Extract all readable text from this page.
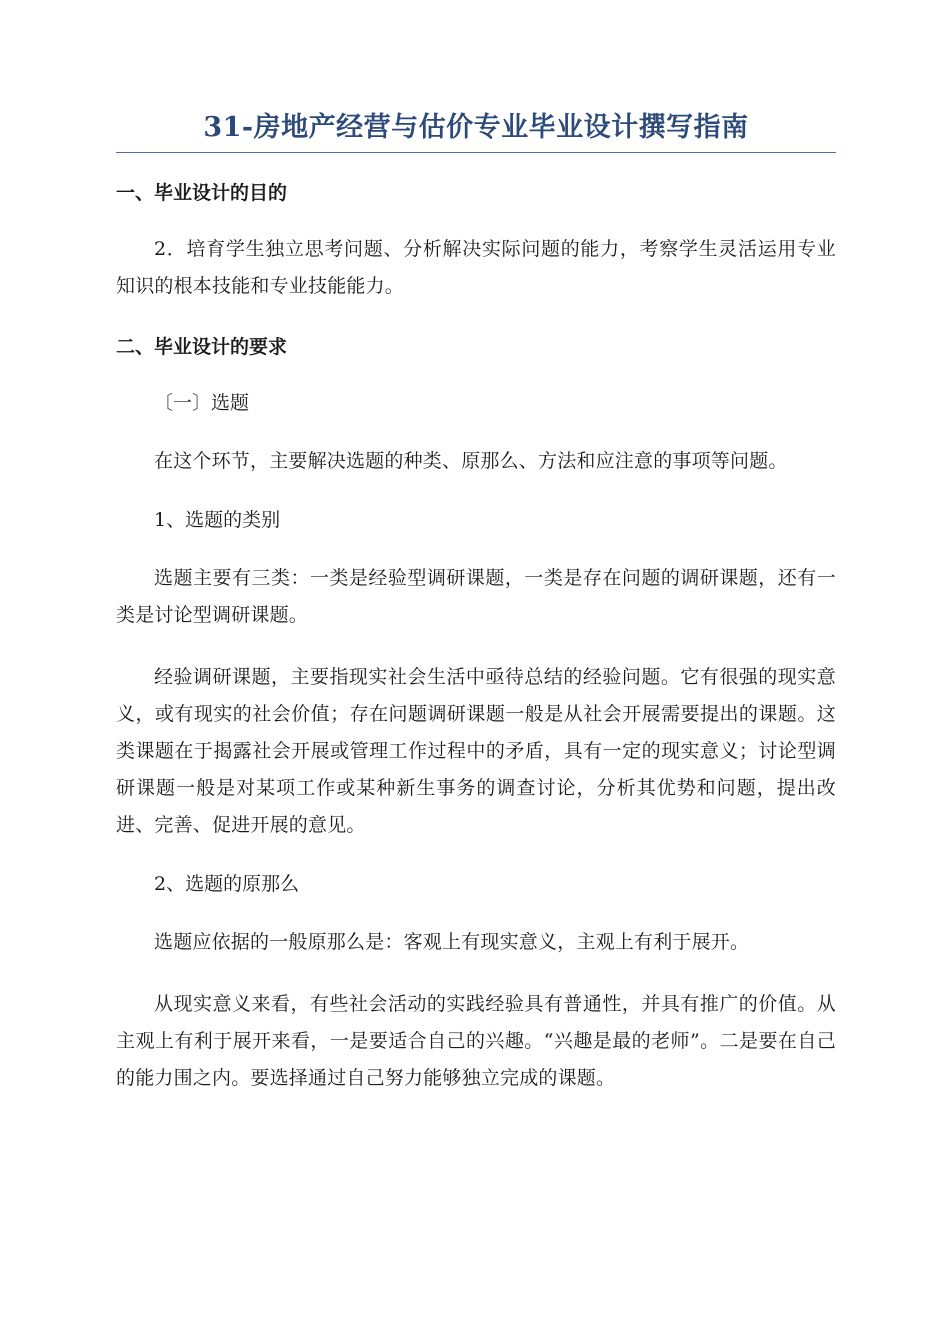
31-房地产经营与估价专业毕业设计撰写指南
一、毕业设计的目的

2．培育学生独立思考问题、分析解决实际问题的能力，考察学生灵活运用专业知识的根本技能和专业技能能力。

二、毕业设计的要求

〔一〕选题

在这个环节，主要解决选题的种类、原那么、方法和应注意的事项等问题。

1、选题的类别

选题主要有三类：一类是经验型调研课题，一类是存在问题的调研课题，还有一类是讨论型调研课题。

经验调研课题，主要指现实社会生活中亟待总结的经验问题。它有很强的现实意义，或有现实的社会价值；存在问题调研课题一般是从社会开展需要提出的课题。这类课题在于揭露社会开展或管理工作过程中的矛盾，具有一定的现实意义；讨论型调研课题一般是对某项工作或某种新生事务的调查讨论，分析其优势和问题，提出改进、完善、促进开展的意见。

2、选题的原那么

选题应依据的一般原那么是：客观上有现实意义，主观上有利于展开。

从现实意义来看，有些社会活动的实践经验具有普通性，并具有推广的价值。从主观上有利于展开来看，一是要适合自己的兴趣。“兴趣是最的老师”。二是要在自己的能力围之内。要选择通过自己努力能够独立完成的课题。
